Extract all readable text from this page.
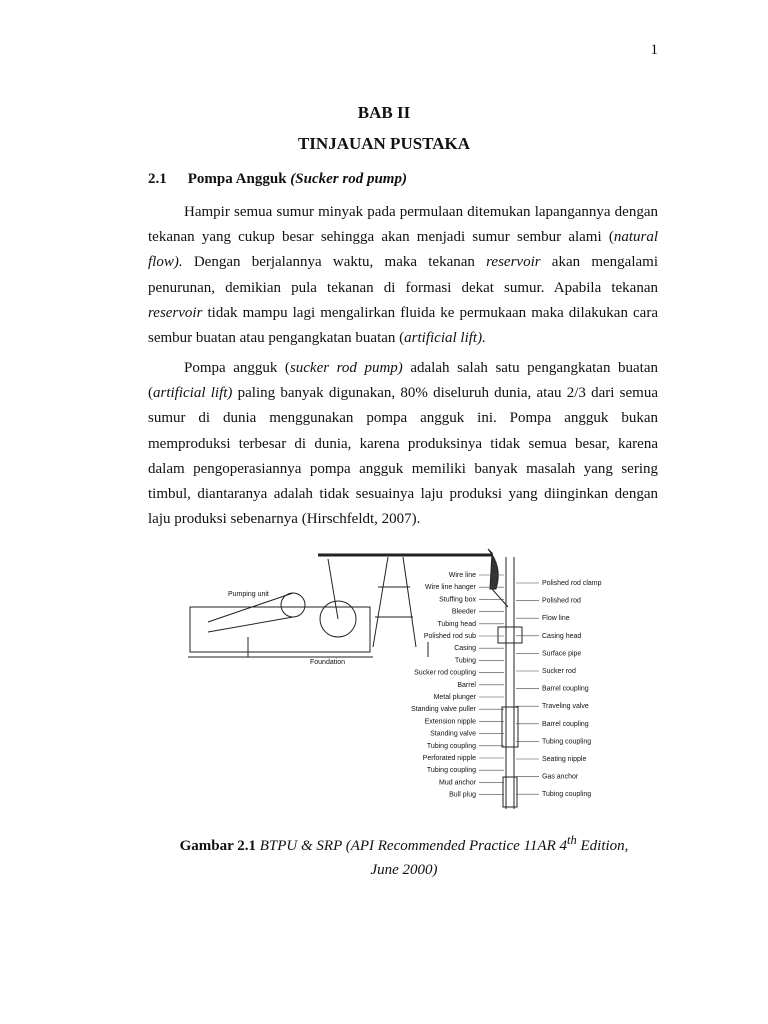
1
BAB II
TINJAUAN PUSTAKA
2.1 Pompa Angguk (Sucker rod pump)

Hampir semua sumur minyak pada permulaan ditemukan lapangannya dengan tekanan yang cukup besar sehingga akan menjadi sumur sembur alami (natural flow). Dengan berjalannya waktu, maka tekanan reservoir akan mengalami penurunan, demikian pula tekanan di formasi dekat sumur. Apabila tekanan reservoir tidak mampu lagi mengalirkan fluida ke permukaan maka dilakukan cara sembur buatan atau pengangkatan buatan (artificial lift).

Pompa angguk (sucker rod pump) adalah salah satu pengangkatan buatan (artificial lift) paling banyak digunakan, 80% diseluruh dunia, atau 2/3 dari semua sumur di dunia menggunakan pompa angguk ini. Pompa angguk bukan memproduksi terbesar di dunia, karena produksinya tidak semua besar, karena dalam pengoperasiannya pompa angguk memiliki banyak masalah yang sering timbul, diantaranya adalah tidak sesuainya laju produksi yang diinginkan dengan laju produksi sebenarnya (Hirschfeldt, 2007).

Pumping unit
Foundation
Wire line
Wire line hanger
Stuffing box
Bleeder
Tubing head
Polished rod sub
Casing
Tubing
Sucker rod coupling
Barrel
Metal plunger
Standing valve puller
Extension nipple
Standing valve
Tubing coupling
Perforated nipple
Tubing coupling
Mud anchor
Bull plug
Polished rod clamp
Polished rod
Flow line
Casing head
Surface pipe
Sucker rod
Barrel coupling
Traveling valve
Barrel coupling
Tubing coupling
Seating nipple
Gas anchor
Tubing coupling
Gambar 2.1 BTPU & SRP (API Recommended Practice 11AR 4th Edition,
June 2000)
